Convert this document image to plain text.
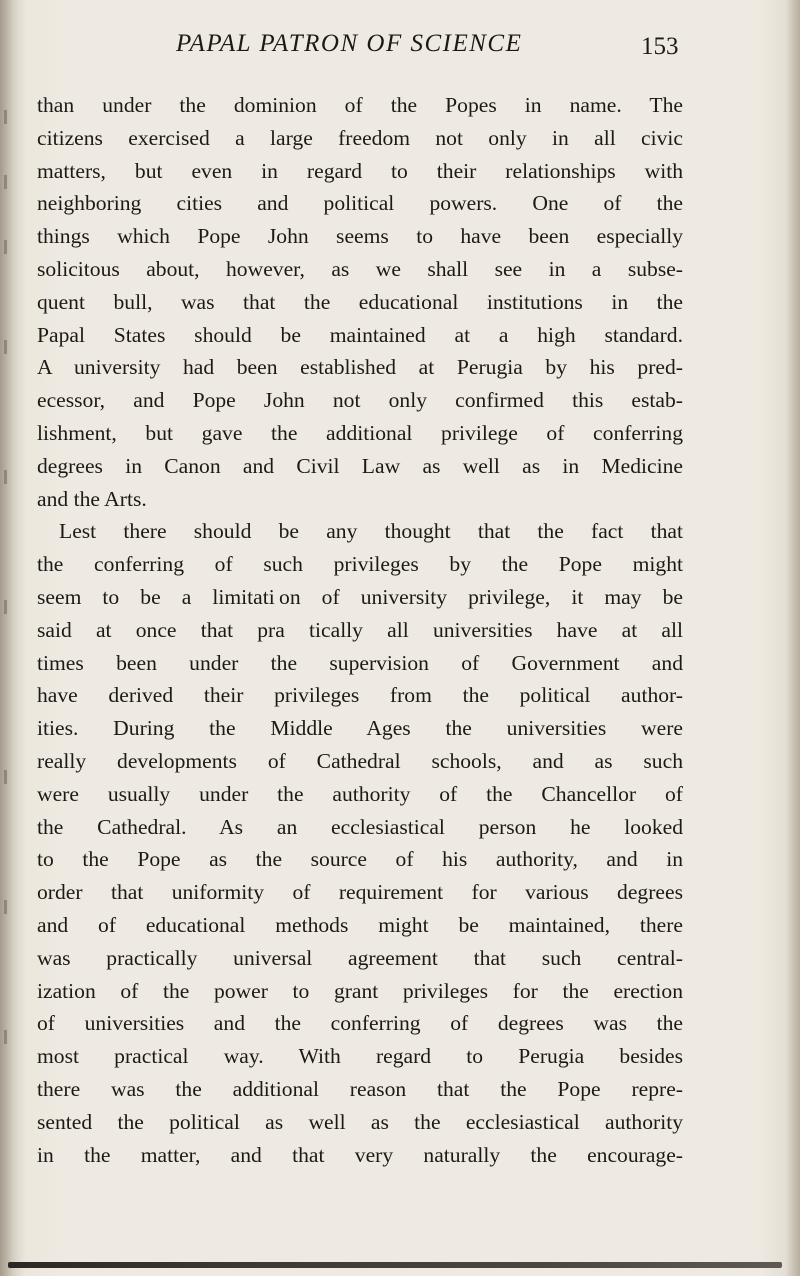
PAPAL PATRON OF SCIENCE	153
than under the dominion of the Popes in name. The
citizens exercised a large freedom not only in all civic
matters, but even in regard to their relationships with
neighboring cities and political powers. One of the
things which Pope John seems to have been especially
solicitous about, however, as we shall see in a subse-
quent bull, was that the educational institutions in the
Papal States should be maintained at a high standard.
A university had been established at Perugia by his pred-
ecessor, and Pope John not only confirmed this estab-
lishment, but gave the additional privilege of conferring
degrees in Canon and Civil Law as well as in Medicine
and the Arts.
Lest there should be any thought that the fact that
the conferring of such privileges by the Pope might
seem to be a limitati on of university privilege, it may be
said at once that pra tically all universities have at all
times been under the supervision of Government and
have derived their privileges from the political author-
ities. During the Middle Ages the universities were
really developments of Cathedral schools, and as such
were usually under the authority of the Chancellor of
the Cathedral. As an ecclesiastical person he looked
to the Pope as the source of his authority, and in
order that uniformity of requirement for various degrees
and of educational methods might be maintained, there
was practically universal agreement that such central-
ization of the power to grant privileges for the erection
of universities and the conferring of degrees was the
most practical way. With regard to Perugia besides
there was the additional reason that the Pope repre-
sented the political as well as the ecclesiastical authority
in the matter, and that very naturally the encourage-
